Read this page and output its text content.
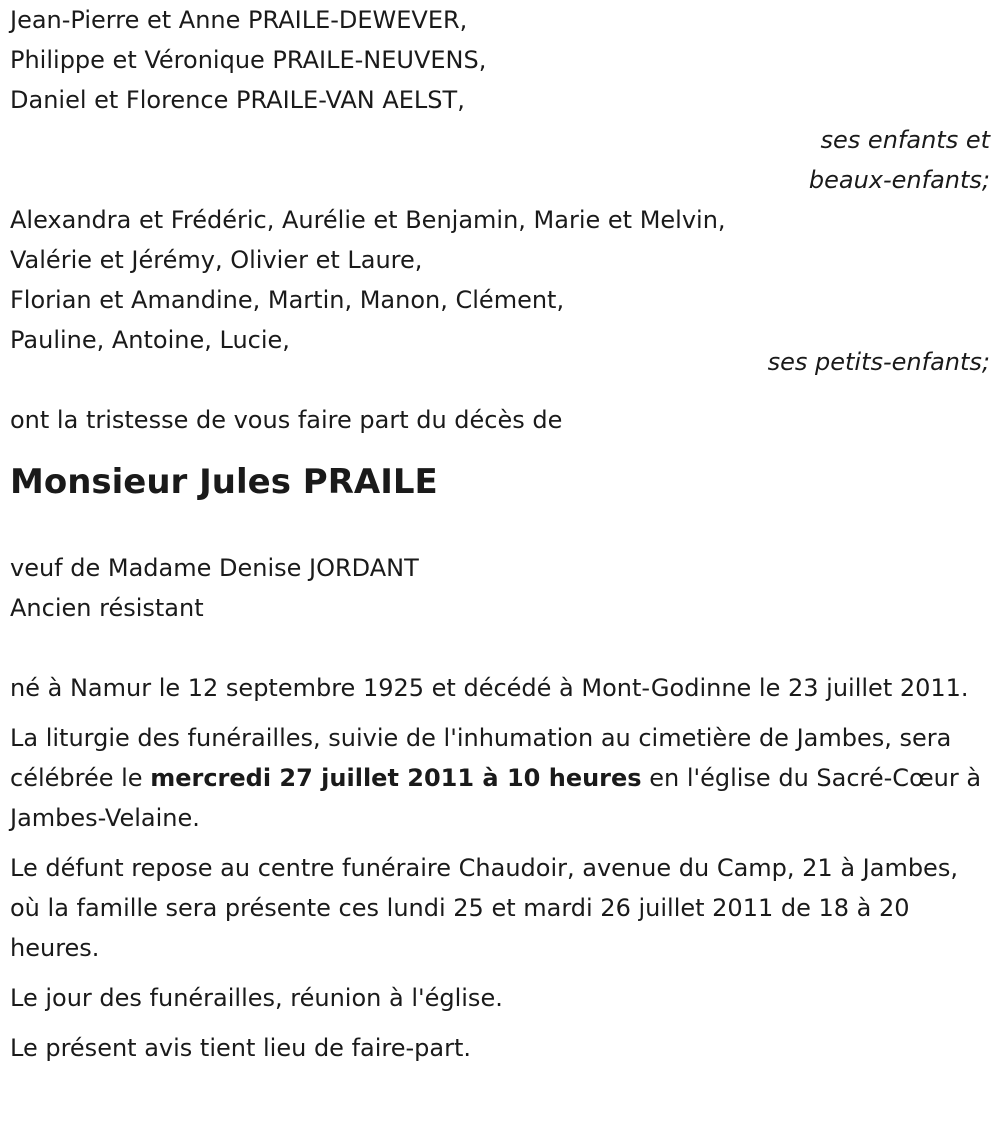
Jean-Pierre et Anne PRAILE-DEWEVER,
Philippe et Véronique PRAILE-NEUVENS,
Daniel et Florence PRAILE-VAN AELST,
ses enfants et
beaux-enfants;
Alexandra et Frédéric, Aurélie et Benjamin, Marie et Melvin,
Valérie et Jérémy, Olivier et Laure,
Florian et Amandine, Martin, Manon, Clément,
Pauline, Antoine, Lucie,
ses petits-enfants;
ont la tristesse de vous faire part du décès de
Monsieur Jules PRAILE
veuf de Madame Denise JORDANT
Ancien résistant
né à Namur le 12 septembre 1925 et décédé à Mont-Godinne le 23 juillet 2011.
La liturgie des funérailles, suivie de l'inhumation au cimetière de Jambes, sera célébrée le mercredi 27 juillet 2011 à 10 heures en l'église du Sacré-Cœur à Jambes-Velaine.
Le défunt repose au centre funéraire Chaudoir, avenue du Camp, 21 à Jambes, où la famille sera présente ces lundi 25 et mardi 26 juillet 2011 de 18 à 20 heures.
Le jour des funérailles, réunion à l'église.
Le présent avis tient lieu de faire-part.
